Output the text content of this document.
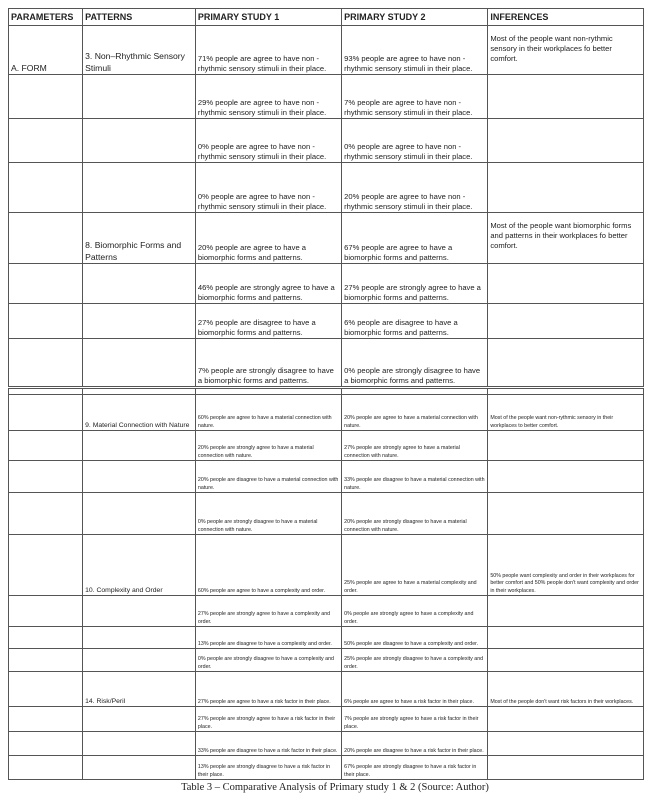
PARAMETERS	PATTERNS	PRIMARY STUDY 1	PRIMARY STUDY 2	INFERENCES
A. FORM	3. Non–Rhythmic Sensory Stimuli	71% people are agree to have non - rhythmic sensory stimuli in their place.	93% people are agree to have non - rhythmic sensory stimuli in their place.	Most of the people want non-rythmic sensory in their workplaces fo better comfort.
		29% people are agree to have non - rhythmic sensory stimuli in their place.	7% people are agree to have non - rhythmic sensory stimuli in their place.	
		0% people are agree to have non - rhythmic sensory stimuli in their place.	0% people are agree to have non - rhythmic sensory stimuli in their place.	
		0% people are agree to have non - rhythmic sensory stimuli in their place.	20% people are agree to have non - rhythmic sensory stimuli in their place.	
	8. Biomorphic Forms and Patterns	20% people are agree to have a biomorphic forms and patterns.	67% people are agree to have a biomorphic forms and patterns.	Most of the people want biomorphic forms and patterns in their workplaces fo better comfort.
		46% people are strongly agree to have a biomorphic forms and patterns.	27% people are strongly agree to have a biomorphic forms and patterns.	
		27% people are disagree to have a biomorphic forms and patterns.	6% people are disagree to have a biomorphic forms and patterns.	
		7% people are strongly disagree to have a biomorphic forms and patterns.	0% people are strongly disagree to have a biomorphic forms and patterns.	

	9. Material Connection with Nature	60% people are agree to have a material connection with nature.	20% people are agree to have a material connection with nature.	Most of the people want non-rythmic sensory in their workplaces to better comfort.
		20% people are strongly agree to have a material connection with nature.	27% people are strongly agree to have a material connection with nature.	
		20% people are disagree to have a material connection with nature.	33% people are disagree to have a material connection with nature.	
		0% people are strongly disagree to have a material connection with nature.	20% people are strongly disagree to have a material connection with nature.	
	10. Complexity and Order	60% people are agree to have a complexity and order.	25% people are agree to have a material complexity and order.	50% people want complexity and order in their workplaces for better comfort and 50% people don't want complexity and order in their workplaces.
		27% people are strongly agree to have a complexity and order.	0% people are strongly agree to have a complexity and order.	
		13% people are disagree to have a complexity and order.	50% people are disagree to have a complexity and order.	
		0% people are strongly disagree to have a complexity and order.	25% people are strongly disagree to have a complexity and order.	
	14. Risk/Peril	27% people are agree to have a risk factor in their place.	6% people are agree to have a risk factor in their place.	Most of the people don't want risk factors in their workplaces.
		27% people are strongly agree to have a risk factor in their place.	7% people are strongly agree to have a risk factor in their place.	
		33% people are disagree to have a risk factor in their place.	20% people are disagree to have a risk factor in their place.	
		13% people are strongly disagree to have a risk factor in their place.	67% people are strongly disagree to have a risk factor in their place.	
Table 3 – Comparative Analysis of Primary study 1 & 2 (Source: Author)
